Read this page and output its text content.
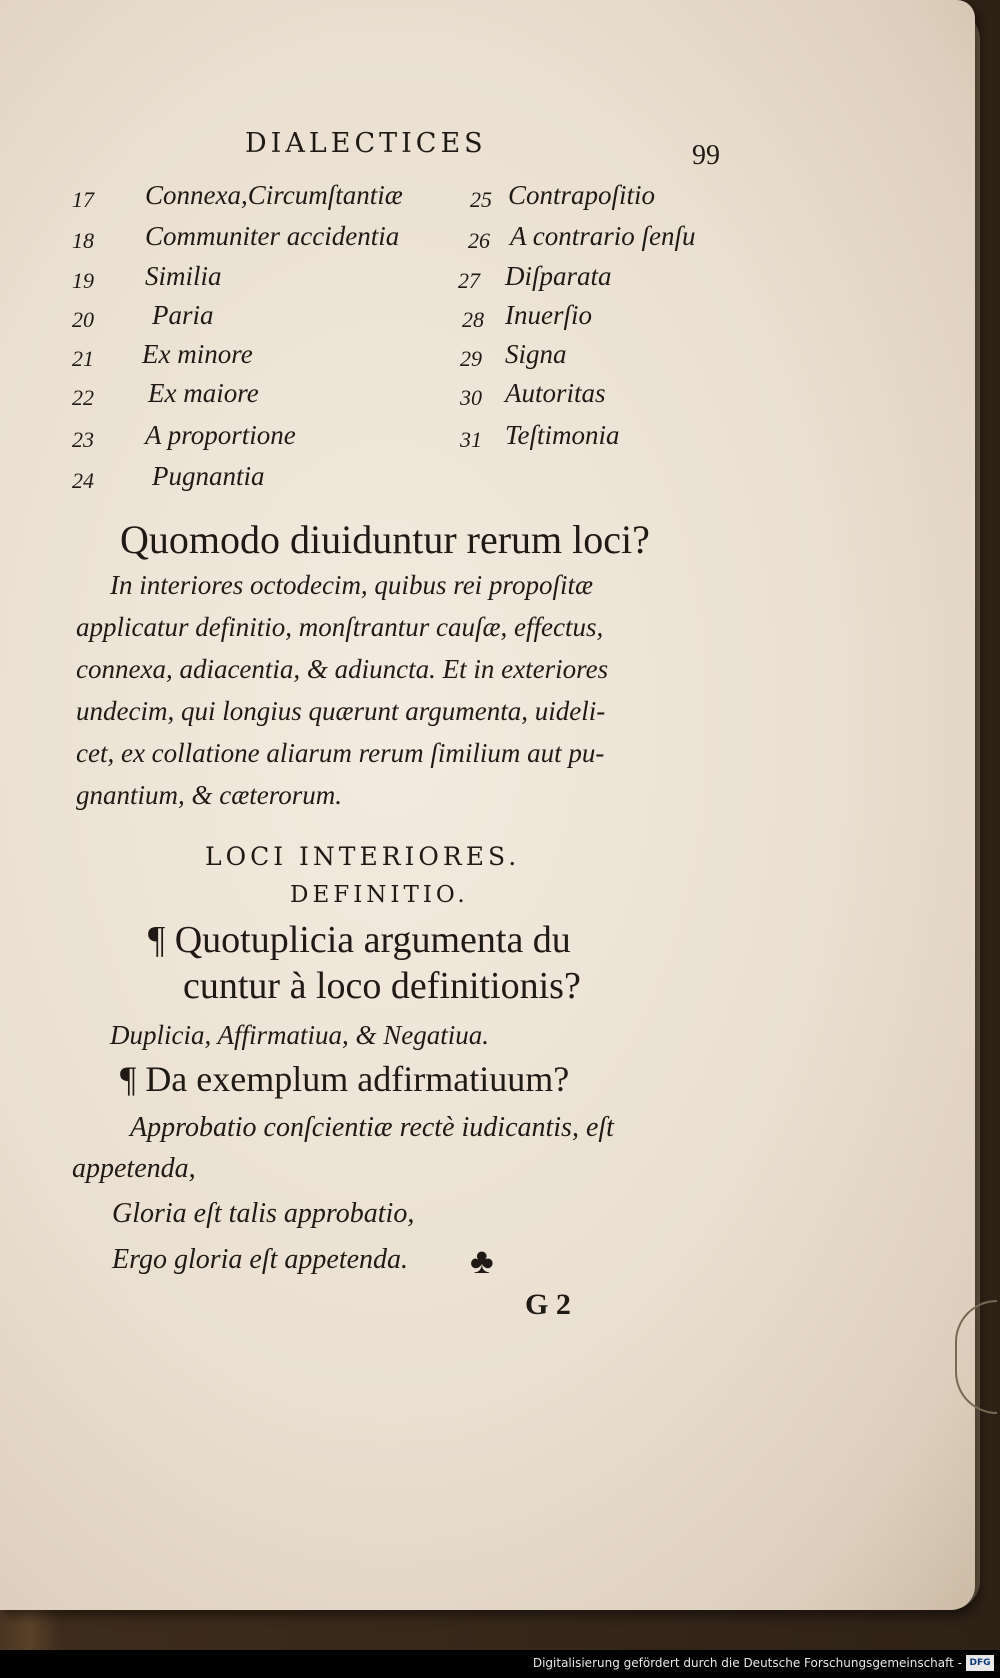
DIALECTICES	99
17 Connexa,Circumſtantiæ
18 Communiter accidentia
19 Similia
20 Paria
21 Ex minore
22 Ex maiore
23 A proportione
24 Pugnantia
25 Contrapoſitio
26 A contrario ſenſu
27 Diſparata
28 Inuerſio
29 Signa
30 Autoritas
31 Teſtimonia
Quomodo diuiduntur rerum loci?
In interiores octodecim, quibus rei propoſitæ
applicatur definitio, monſtrantur cauſæ, effectus,
connexa, adiacentia, & adiuncta. Et in exteriores
undecim, qui longius quærunt argumenta, uideli-
cet, ex collatione aliarum rerum ſimilium aut pu-
gnantium, & cæterorum.
LOCI INTERIORES.
DEFINITIO.
¶ Quotuplicia argumenta du
cuntur à loco definitionis?
Duplicia, Affirmatiua, & Negatiua.
¶ Da exemplum adfirmatiuum?
Approbatio conſcientiæ rectè iudicantis, eſt
appetenda,
Gloria eſt talis approbatio,
Ergo gloria eſt appetenda. ♣
G 2
Digitalisierung gefördert durch die Deutsche Forschungsgemeinschaft - DFG
